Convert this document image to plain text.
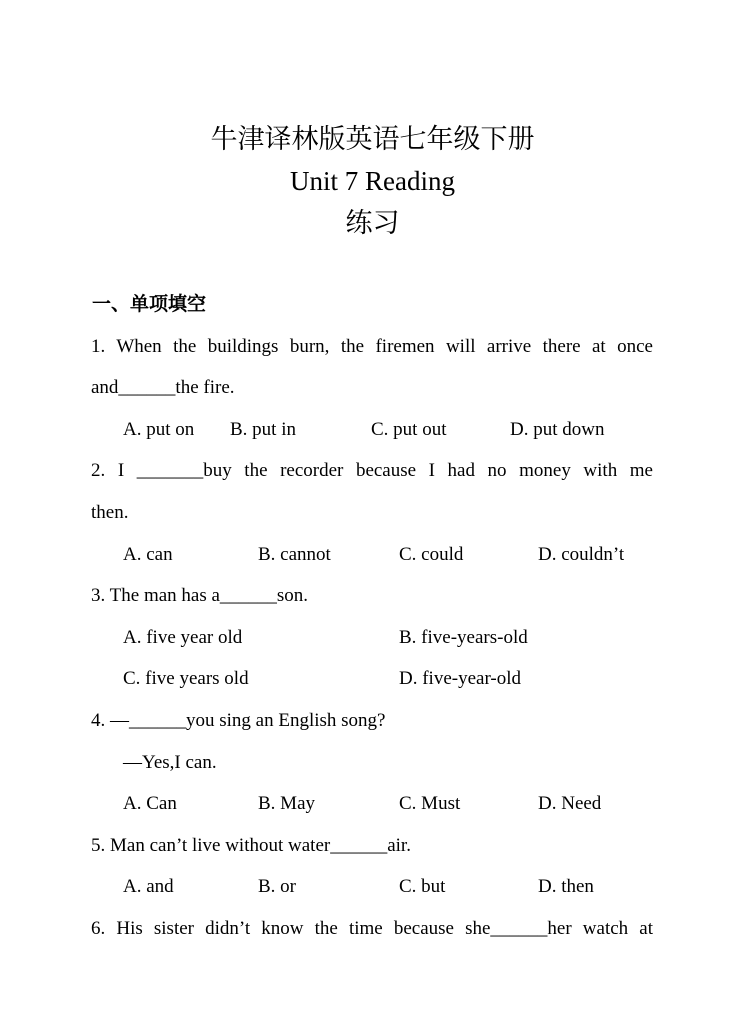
牛津译林版英语七年级下册
Unit 7 Reading
练习
一、单项填空
1. When the buildings burn, the firemen will arrive there at once
and______the fire.
A. put on B. put in	C. put out	D. put down
2. I _______buy the recorder because I had no money with me
then.
A. can	B. cannot	C. could	D. couldn’t
3. The man has a______son.
A. five year old	B. five-years-old
C. five years old	D. five-year-old
4. —______you sing an English song?
—Yes,I can.
A. Can	B. May	C. Must	D. Need
5. Man can’t live without water______air.
A. and	B. or	C. but	D. then
6. His sister didn’t know the time because she______her watch at
